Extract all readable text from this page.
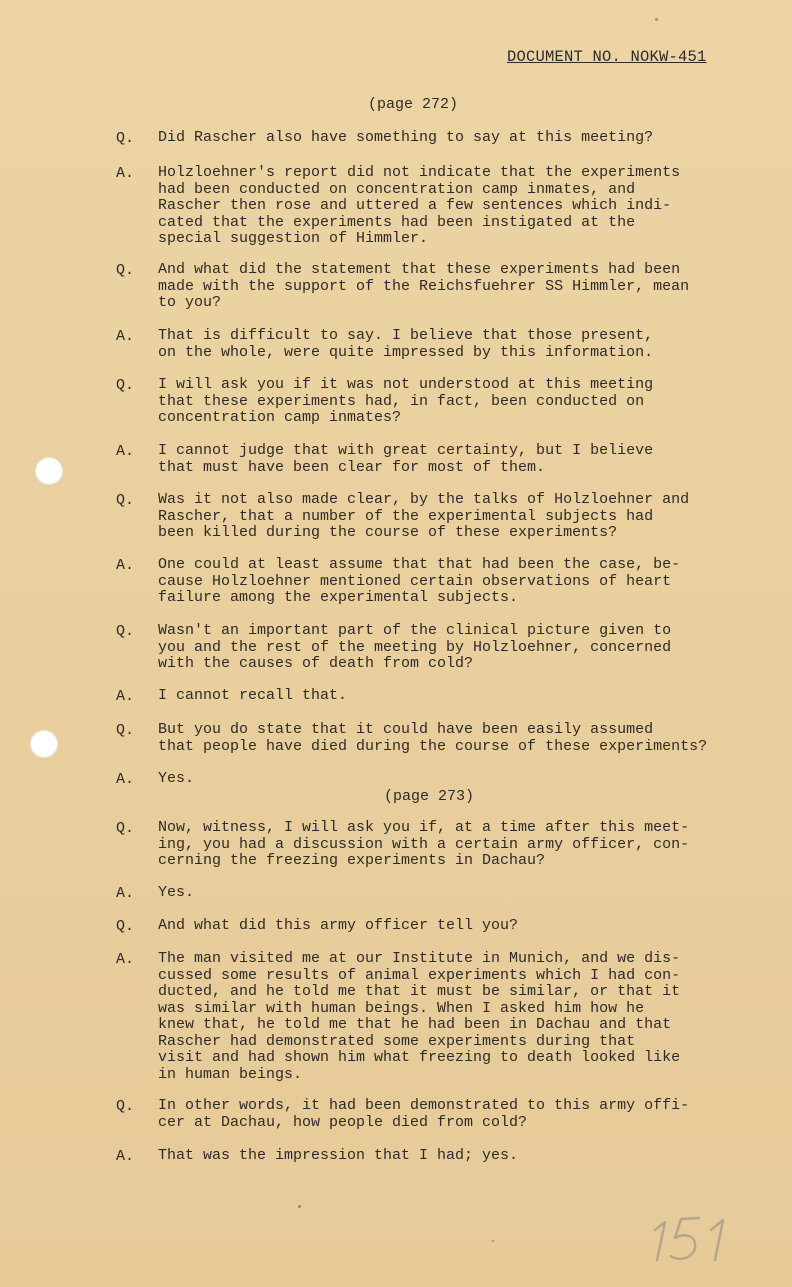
DOCUMENT NO. NOKW-451
(page 272)
(page 273)
Q. Did Rascher also have something to say at this meeting?
A. Holzloehner's report did not indicate that the experiments
had been conducted on concentration camp inmates, and
Rascher then rose and uttered a few sentences which indi-
cated that the experiments had been instigated at the
special suggestion of Himmler.
Q. And what did the statement that these experiments had been
made with the support of the Reichsfuehrer SS Himmler, mean
to you?
A. That is difficult to say. I believe that those present,
on the whole, were quite impressed by this information.
Q. I will ask you if it was not understood at this meeting
that these experiments had, in fact, been conducted on
concentration camp inmates?
A. I cannot judge that with great certainty, but I believe
that must have been clear for most of them.
Q. Was it not also made clear, by the talks of Holzloehner and
Rascher, that a number of the experimental subjects had
been killed during the course of these experiments?
A. One could at least assume that that had been the case, be-
cause Holzloehner mentioned certain observations of heart
failure among the experimental subjects.
Q. Wasn't an important part of the clinical picture given to
you and the rest of the meeting by Holzloehner, concerned
with the causes of death from cold?
A. I cannot recall that.
Q. But you do state that it could have been easily assumed
that people have died during the course of these experiments?
A. Yes.
Q. Now, witness, I will ask you if, at a time after this meet-
ing, you had a discussion with a certain army officer, con-
cerning the freezing experiments in Dachau?
A. Yes.
Q. And what did this army officer tell you?
A. The man visited me at our Institute in Munich, and we dis-
cussed some results of animal experiments which I had con-
ducted, and he told me that it must be similar, or that it
was similar with human beings. When I asked him how he
knew that, he told me that he had been in Dachau and that
Rascher had demonstrated some experiments during that
visit and had shown him what freezing to death looked like
in human beings.
Q. In other words, it had been demonstrated to this army offi-
cer at Dachau, how people died from cold?
A. That was the impression that I had; yes.
